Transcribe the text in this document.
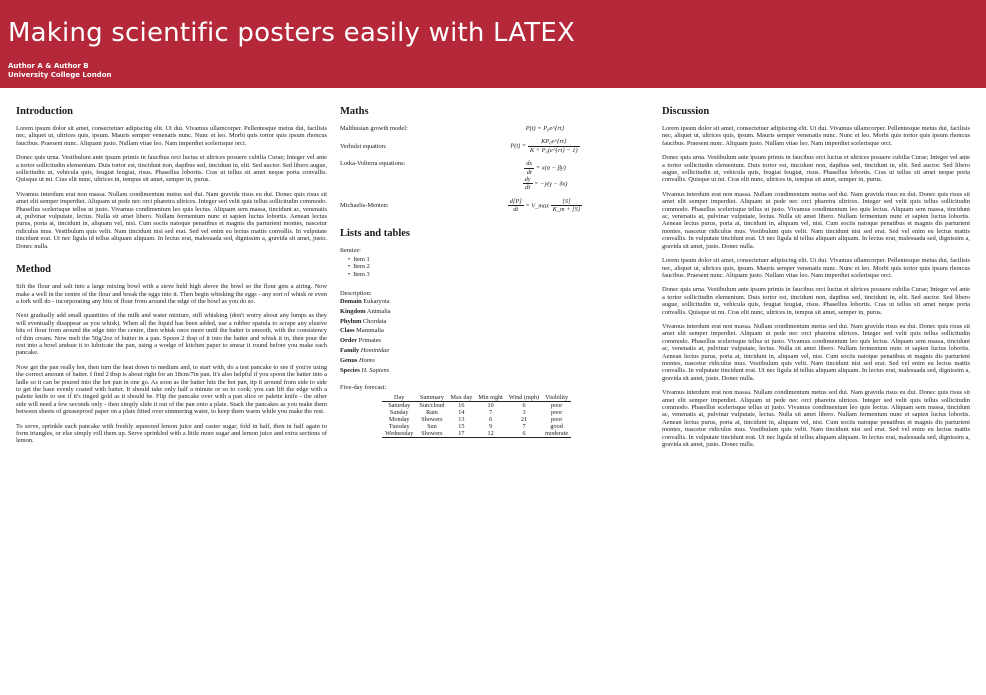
Making scientific posters easily with LATEX
Author A & Author B
University College London
Introduction

Lorem ipsum dolor sit amet, consectetuer adipiscing elit. Ut dui. Vivamus ullamcorper. Pellentesque metus dui, facilisis nec, aliquet ut, ultrices quis, ipsum. Mauris semper venenatis nunc. Nunc et leo. Morbi quis tortor quis ipsum rhoncus faucibus. Praesent nunc. Aliquam justo. Nullam vitae leo. Nam imperdiet scelerisque orci.

Donec quis urna. Vestibulum ante ipsum primis in faucibus orci luctus et ultrices posuere cubilia Curae; Integer vel ante a tortor sollicitudin elementum. Duis tortor est, tincidunt non, dapibus sed, tincidunt in, elit. Sed auctor. Sed libero augue, sollicitudin ut, vehicula quis, feugiat feugiat, risus. Phasellus lobortis. Cras ut tellus sit amet neque porta convallis. Quisque ut mi. Cras elit nunc, ultrices in, tempus sit amet, semper in, purus.

Vivamus interdum erat non massa. Nullam condimentum metus sed dui. Nam gravida risus eu dui. Donec quis risus sit amet elit semper imperdiet. Aliquam ut pede nec orci pharetra ultrices. Integer sed velit quis tellus sollicitudin commodo. Phasellus scelerisque tellus ut justo. Vivamus condimentum leo quis lectus. Aliquam sem massa, tincidunt ac, venenatis at, pulvinar vulputate, lectus. Nulla sit amet libero. Nullam fermentum nunc et sapien luctus lobortis. Aenean lectus purus, porta at, tincidunt in, aliquam vel, nisi. Cum sociis natoque penatibus et magnis dis parturient montes, nascetur ridiculus mus. Vestibulum quis velit. Nam tincidunt nisi sed erat. Sed vel enim eu lectus mattis convallis. In vulputate tincidunt erat. Ut nec ligula id tellus aliquam aliquam. In lectus erat, malesuada sed, dignissim a, gravida sit amet, justo. Donec nulla.

Method

Sift the flour and salt into a large mixing bowl with a sieve held high above the bowl so the flour gets a airing. Now make a well in the centre of the flour and break the eggs into it. Then begin whisking the eggs - any sort of whisk or even a fork will do - incorporating any bits of flour from around the edge of the bowl as you do so.

Next gradually add small quantities of the milk and water mixture, still whisking (don't worry about any lumps as they will eventually disappear as you whisk). When all the liquid has been added, use a rubber spatula to scrape any elusive bits of flour from around the edge into the centre, then whisk once more until the batter is smooth, with the consistency of thin cream. Now melt the 50g/2oz of butter in a pan. Spoon 2 tbsp of it into the batter and whisk it in, then pour the rest into a bowl andsue it to lubricate the pan, using a wodge of kitchen paper to smear it round before you make each pancake.

Now get the pan really hot, then turn the heat down to medium and, to start with, do a test pancake to see if you're using the correct amount of batter. I find 2 tbsp is about right for an 18cm/7in pan. It's also helpful if you spoon the batter into a ladle so it can be poured into the hot pan in one go. As soon as the batter hits the hot pan, tip it around from side to side to get the base evenly coated with batter. It should take only half a minute or so to cook; you can lift the edge with a palette knife to see if it's tinged gold as it should be. Flip the pancake over with a pan slice or palette knife - the other side will need a few seconds only - then simply slide it out of the pan onto a plate. Stack the pancakes as you make them between sheets of greaseproof paper on a plate fitted over simmering water, to keep them warm while you make the rest.

To serve, sprinkle each pancake with freshly squeezed lemon juice and caster sugar, fold in half, then in half again to form triangles, or else simply roll them up. Serve sprinkled with a little more sugar and lemon juice and extra sections of lemon.

Maths
Malthusian growth model:	P(t) = P₀e^{rt}
Verhulst equation:	$P(t) = \frac{\text{KP₀e\textasciicircum{}\{rt\}}}{\text{K + P₀(e\textasciicircum{}\{rt\} − 1)}}$
Lotka-Volterra equations:	$\frac{dx}{dt} = x(\alpha - \beta y)$
$\frac{dy}{dt} = -y(\gamma - \delta x)$
Michaelis-Menten:	$\frac{d[P]}{dt}$ = V_max $\frac{[S]}{K\_m + [S]}$
Lists and tables
Itemize:
• Item 1
• Item 2
• Item 3
Description:
Domain Eukaryota
Kingdom Animalia
Phylum Chordata
Class Mammalia
Order Primates
Family Hominidae
Genus Homo
Species H. Sapiens
Five-day forecast:
Day	Summary	Max day	Min night	Wind (mph)	Visibility
Saturday	Sun/cloud	16	10	6	poor
Sunday	Rain	14	7	3	poor
Monday	Showers	13	6	21	poor
Tuesday	Sun	15	9	7	good
Wednesday	Showers	17	12	6	moderate
Discussion

Lorem ipsum dolor sit amet, consectetuer adipiscing elit. Ut dui. Vivamus ullamcorper. Pellentesque metus dui, facilisis nec, aliquet ut, ultrices quis, ipsum. Mauris semper venenatis nunc. Nunc et leo. Morbi quis tortor quis ipsum rhoncus faucibus. Praesent nunc. Aliquam justo. Nullam vitae leo. Nam imperdiet scelerisque orci.

Donec quis urna. Vestibulum ante ipsum primis in faucibus orci luctus et ultrices posuere cubilia Curae; Integer vel ante a tortor sollicitudin elementum. Duis tortor est, tincidunt non, dapibus sed, tincidunt in, elit. Sed auctor. Sed libero augue, sollicitudin ut, vehicula quis, feugiat feugiat, risus. Phasellus lobortis. Cras ut tellus sit amet neque porta convallis. Quisque ut mi. Cras elit nunc, ultrices in, tempus sit amet, semper in, purus.

Vivamus interdum erat non massa. Nullam condimentum metus sed dui. Nam gravida risus eu dui. Donec quis risus sit amet elit semper imperdiet. Aliquam ut pede nec orci pharetra ultrices. Integer sed velit quis tellus sollicitudin commodo. Phasellus scelerisque tellus ut justo. Vivamus condimentum leo quis lectus. Aliquam sem massa, tincidunt ac, venenatis at, pulvinar vulputate, lectus. Nulla sit amet libero. Nullam fermentum nunc et sapien luctus lobortis. Aenean lectus purus, porta at, tincidunt in, aliquam vel, nisi. Cum sociis natoque penatibus et magnis dis parturient montes, nascetur ridiculus mus. Vestibulum quis velit. Nam tincidunt nisi sed erat. Sed vel enim eu lectus mattis convallis. In vulputate tincidunt erat. Ut nec ligula id tellus aliquam aliquam. In lectus erat, malesuada sed, dignissim a, gravida sit amet, justo. Donec nulla.

Lorem ipsum dolor sit amet, consectetuer adipiscing elit. Ut dui. Vivamus ullamcorper. Pellentesque metus dui, facilisis nec, aliquet ut, ultrices quis, ipsum. Mauris semper venenatis nunc. Nunc et leo. Morbi quis tortor quis ipsum rhoncus faucibus. Praesent nunc. Aliquam justo. Nullam vitae leo. Nam imperdiet scelerisque orci.

Donec quis urna. Vestibulum ante ipsum primis in faucibus orci luctus et ultrices posuere cubilia Curae; Integer vel ante a tortor sollicitudin elementum. Duis tortor est, tincidunt non, dapibus sed, tincidunt in, elit. Sed auctor. Sed libero augue, sollicitudin ut, vehicula quis, feugiat feugiat, risus. Phasellus lobortis. Cras ut tellus sit amet neque porta convallis. Quisque ut mi. Cras elit nunc, ultrices in, tempus sit amet, semper in, purus.

Vivamus interdum erat non massa. Nullam condimentum metus sed dui. Nam gravida risus eu dui. Donec quis risus sit amet elit semper imperdiet. Aliquam ut pede nec orci pharetra ultrices. Integer sed velit quis tellus sollicitudin commodo. Phasellus scelerisque tellus ut justo. Vivamus condimentum leo quis lectus. Aliquam sem massa, tincidunt ac, venenatis at, pulvinar vulputate, lectus. Nulla sit amet libero. Nullam fermentum nunc et sapien luctus lobortis. Aenean lectus purus, porta at, tincidunt in, aliquam vel, nisi. Cum sociis natoque penatibus et magnis dis parturient montes, nascetur ridiculus mus. Vestibulum quis velit. Nam tincidunt nisi sed erat. Sed vel enim eu lectus mattis convallis. In vulputate tincidunt erat. Ut nec ligula id tellus aliquam aliquam. In lectus erat, malesuada sed, dignissim a, gravida sit amet, justo. Donec nulla.

Vivamus interdum erat non massa. Nullam condimentum metus sed dui. Nam gravida risus eu dui. Donec quis risus sit amet elit semper imperdiet. Aliquam ut pede nec orci pharetra ultrices. Integer sed velit quis tellus sollicitudin commodo. Phasellus scelerisque tellus ut justo. Vivamus condimentum leo quis lectus. Aliquam sem massa, tincidunt ac, venenatis at, pulvinar vulputate, lectus. Nulla sit amet libero. Nullam fermentum nunc et sapien luctus lobortis. Aenean lectus purus, porta at, tincidunt in, aliquam vel, nisi. Cum sociis natoque penatibus et magnis dis parturient montes, nascetur ridiculus mus. Vestibulum quis velit. Nam tincidunt nisi sed erat. Sed vel enim eu lectus mattis convallis. In vulputate tincidunt erat. Ut nec ligula id tellus aliquam aliquam. In lectus erat, malesuada sed, dignissim a, gravida sit amet, justo. Donec nulla.
